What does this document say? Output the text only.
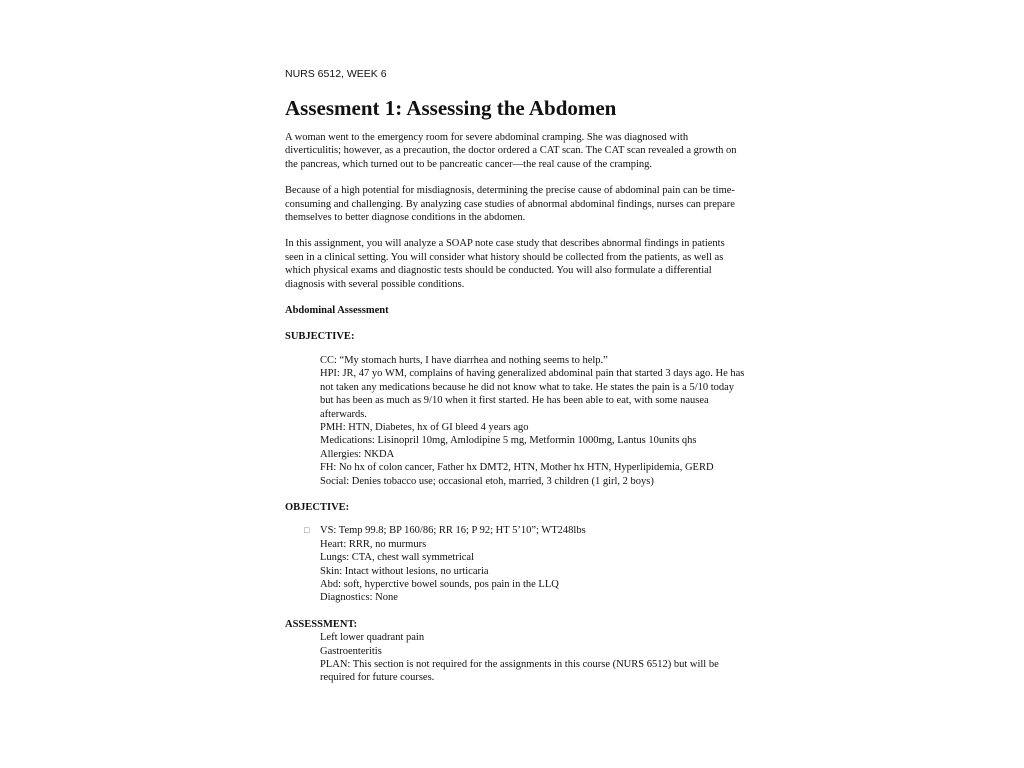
NURS 6512, WEEK 6
Assesment 1: Assessing the Abdomen

A woman went to the emergency room for severe abdominal cramping. She was diagnosed with diverticulitis; however, as a precaution, the doctor ordered a CAT scan. The CAT scan revealed a growth on the pancreas, which turned out to be pancreatic cancer—the real cause of the cramping.

Because of a high potential for misdiagnosis, determining the precise cause of abdominal pain can be time-consuming and challenging. By analyzing case studies of abnormal abdominal findings, nurses can prepare themselves to better diagnose conditions in the abdomen.

In this assignment, you will analyze a SOAP note case study that describes abnormal findings in patients seen in a clinical setting. You will consider what history should be collected from the patients, as well as which physical exams and diagnostic tests should be conducted. You will also formulate a differential diagnosis with several possible conditions.

Abdominal Assessment
SUBJECTIVE:
CC: “My stomach hurts, I have diarrhea and nothing seems to help.”
HPI: JR, 47 yo WM, complains of having generalized abdominal pain that started 3 days ago. He has not taken any medications because he did not know what to take. He states the pain is a 5/10 today but has been as much as 9/10 when it first started. He has been able to eat, with some nausea afterwards.
PMH: HTN, Diabetes, hx of GI bleed 4 years ago
Medications: Lisinopril 10mg, Amlodipine 5 mg, Metformin 1000mg, Lantus 10units qhs
Allergies: NKDA
FH: No hx of colon cancer, Father hx DMT2, HTN, Mother hx HTN, Hyperlipidemia, GERD
Social: Denies tobacco use; occasional etoh, married, 3 children (1 girl, 2 boys)
OBJECTIVE:
□ VS: Temp 99.8; BP 160/86; RR 16; P 92; HT 5’10”; WT248lbs
Heart: RRR, no murmurs
Lungs: CTA, chest wall symmetrical
Skin: Intact without lesions, no urticaria
Abd: soft, hyperctive bowel sounds, pos pain in the LLQ
Diagnostics: None
ASSESSMENT:
Left lower quadrant pain
Gastroenteritis
PLAN: This section is not required for the assignments in this course (NURS 6512) but will be required for future courses.
